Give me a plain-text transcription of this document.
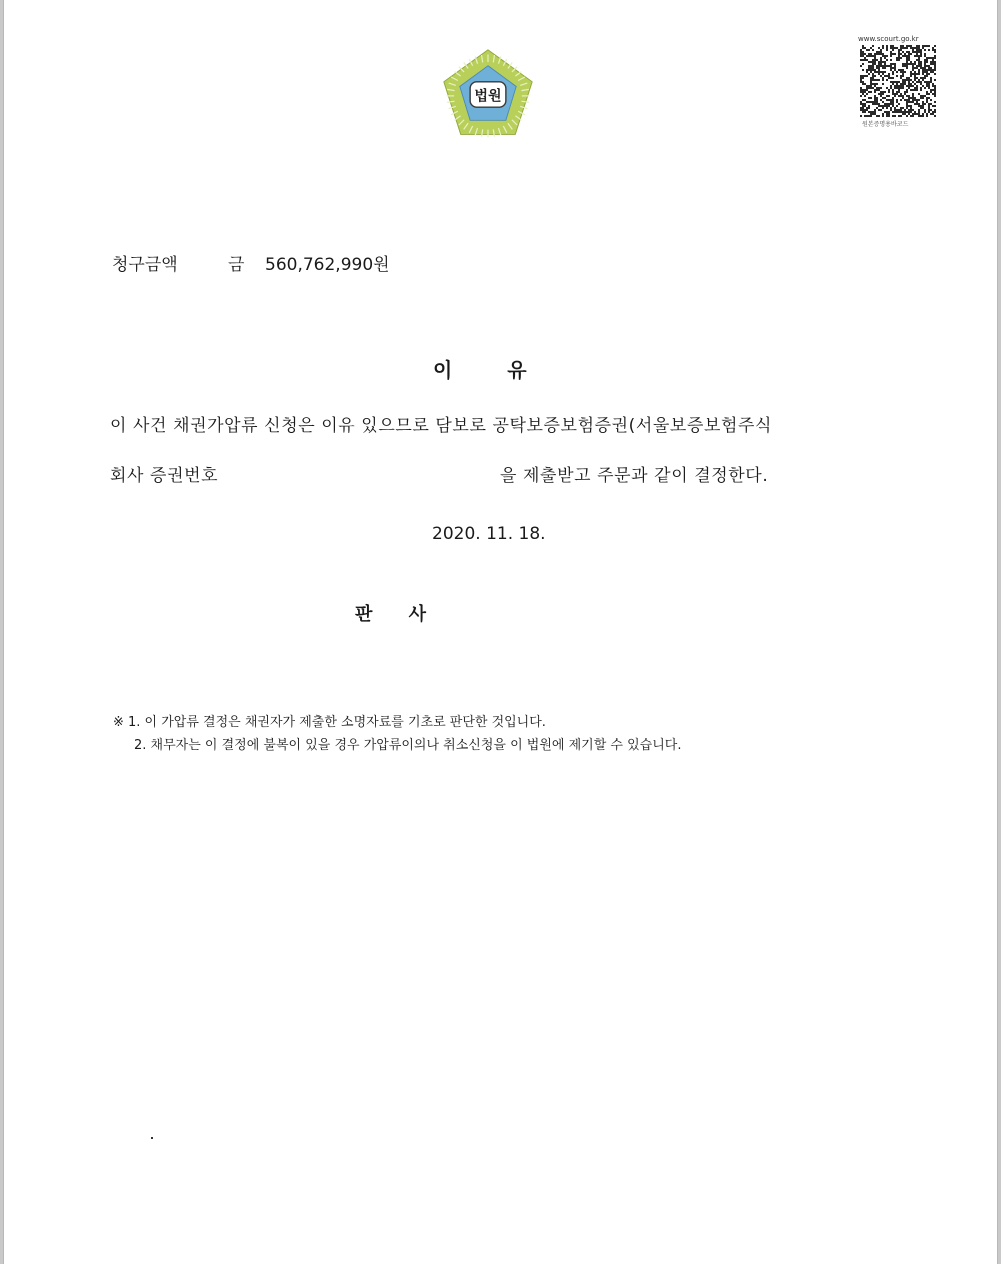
법원
www.scourt.go.kr
원본증명용바코드
청구금액	금 560,762,990원
이 유
이 사건 채권가압류 신청은 이유 있으므로 담보로 공탁보증보험증권(서울보증보험주식
회사 증권번호	을 제출받고 주문과 같이 결정한다.
2020. 11. 18.
판 사
※ 1. 이 가압류 결정은 채권자가 제출한 소명자료를 기초로 판단한 것입니다.
2. 채무자는 이 결정에 불복이 있을 경우 가압류이의나 취소신청을 이 법원에 제기할 수 있습니다.
